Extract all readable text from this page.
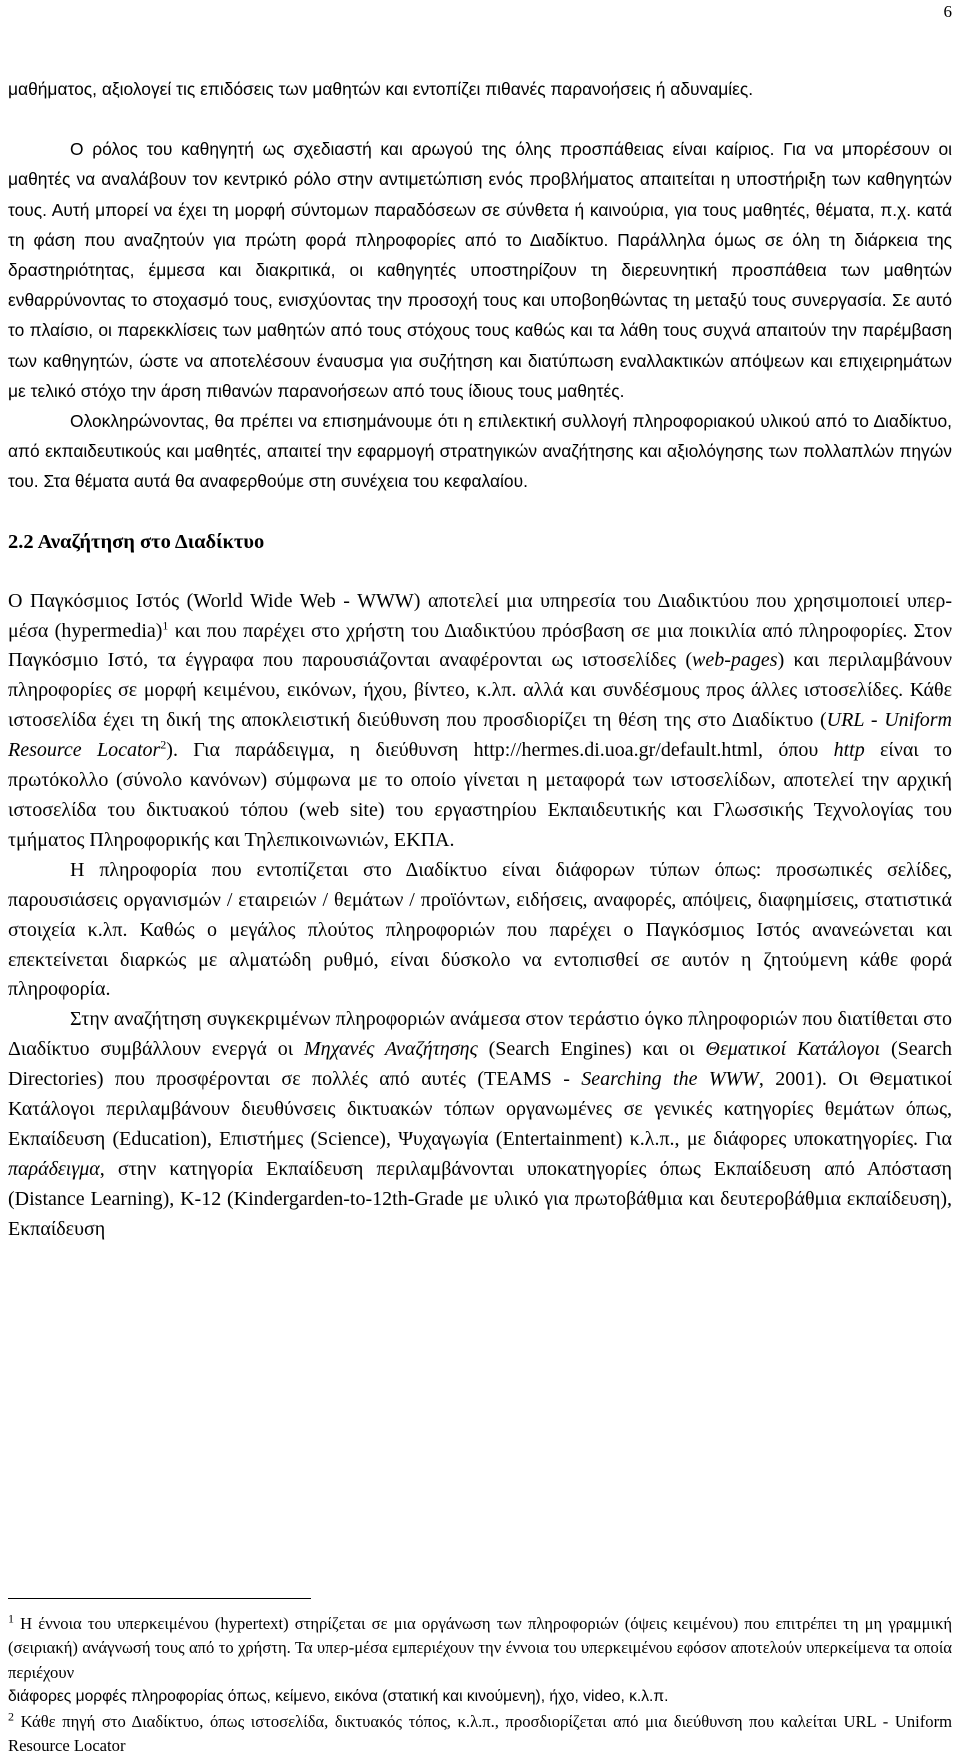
6

μαθήματος, αξιολογεί τις επιδόσεις των μαθητών και εντοπίζει πιθανές παρανοήσεις ή αδυναμίες.

Ο ρόλος του καθηγητή ως σχεδιαστή και αρωγού της όλης προσπάθειας είναι καίριος. Για να μπορέσουν οι μαθητές να αναλάβουν τον κεντρικό ρόλο στην αντιμετώπιση ενός προβλήματος απαιτείται η υποστήριξη των καθηγητών τους. Αυτή μπορεί να έχει τη μορφή σύντομων παραδόσεων σε σύνθετα ή καινούρια, για τους μαθητές, θέματα, π.χ. κατά τη φάση που αναζητούν για πρώτη φορά πληροφορίες από το Διαδίκτυο. Παράλληλα όμως σε όλη τη διάρκεια της δραστηριότητας, έμμεσα και διακριτικά, οι καθηγητές υποστηρίζουν τη διερευνητική προσπάθεια των μαθητών ενθαρρύνοντας το στοχασμό τους, ενισχύοντας την προσοχή τους και υποβοηθώντας τη μεταξύ τους συνεργασία. Σε αυτό το πλαίσιο, οι παρεκκλίσεις των μαθητών από τους στόχους τους καθώς και τα λάθη τους συχνά απαιτούν την παρέμβαση των καθηγητών, ώστε να αποτελέσουν έναυσμα για συζήτηση και διατύπωση εναλλακτικών απόψεων και επιχειρημάτων με τελικό στόχο την άρση πιθανών παρανοήσεων από τους ίδιους τους μαθητές.

Ολοκληρώνοντας, θα πρέπει να επισημάνουμε ότι η επιλεκτική συλλογή πληροφοριακού υλικού από το Διαδίκτυο, από εκπαιδευτικούς και μαθητές, απαιτεί την εφαρμογή στρατηγικών αναζήτησης και αξιολόγησης των πολλαπλών πηγών του. Στα θέματα αυτά θα αναφερθούμε στη συνέχεια του κεφαλαίου.

2.2 Αναζήτηση στο Διαδίκτυο

Ο Παγκόσμιος Ιστός (World Wide Web - WWW) αποτελεί μια υπηρεσία του Διαδικτύου που χρησιμοποιεί υπερ-μέσα (hypermedia)$^1$ και που παρέχει στο χρήστη του Διαδικτύου πρόσβαση σε μια ποικιλία από πληροφορίες. Στον Παγκόσμιο Ιστό, τα έγγραφα που παρουσιάζονται αναφέρονται ως ιστοσελίδες (web-pages) και περιλαμβάνουν πληροφορίες σε μορφή κειμένου, εικόνων, ήχου, βίντεο, κ.λπ. αλλά και συνδέσμους προς άλλες ιστοσελίδες. Κάθε ιστοσελίδα έχει τη δική της αποκλειστική διεύθυνση που προσδιορίζει τη θέση της στο Διαδίκτυο (URL - Uniform Resource Locator$^2$). Για παράδειγμα, η διεύθυνση http://hermes.di.uoa.gr/default.html, όπου http είναι το πρωτόκολλο (σύνολο κανόνων) σύμφωνα με το οποίο γίνεται η μεταφορά των ιστοσελίδων, αποτελεί την αρχική ιστοσελίδα του δικτυακού τόπου (web site) του εργαστηρίου Εκπαιδευτικής και Γλωσσικής Τεχνολογίας του τμήματος Πληροφορικής και Τηλεπικοινωνιών, ΕΚΠΑ.

Η πληροφορία που εντοπίζεται στο Διαδίκτυο είναι διάφορων τύπων όπως: προσωπικές σελίδες, παρουσιάσεις οργανισμών / εταιρειών / θεμάτων / προϊόντων, ειδήσεις, αναφορές, απόψεις, διαφημίσεις, στατιστικά στοιχεία κ.λπ. Καθώς ο μεγάλος πλούτος πληροφοριών που παρέχει ο Παγκόσμιος Ιστός ανανεώνεται και επεκτείνεται διαρκώς με αλματώδη ρυθμό, είναι δύσκολο να εντοπισθεί σε αυτόν η ζητούμενη κάθε φορά πληροφορία.

Στην αναζήτηση συγκεκριμένων πληροφοριών ανάμεσα στον τεράστιο όγκο πληροφοριών που διατίθεται στο Διαδίκτυο συμβάλλουν ενεργά οι Μηχανές Αναζήτησης (Search Engines) και οι Θεματικοί Κατάλογοι (Search Directories) που προσφέρονται σε πολλές από αυτές (TEAMS - Searching the WWW, 2001). Οι Θεματικοί Κατάλογοι περιλαμβάνουν διευθύνσεις δικτυακών τόπων οργανωμένες σε γενικές κατηγορίες θεμάτων όπως, Εκπαίδευση (Education), Επιστήμες (Science), Ψυχαγωγία (Entertainment) κ.λ.π., με διάφορες υποκατηγορίες. Για παράδειγμα, στην κατηγορία Εκπαίδευση περιλαμβάνονται υποκατηγορίες όπως Εκπαίδευση από Απόσταση (Distance Learning), K-12 (Kindergarden-to-12th-Grade με υλικό για πρωτοβάθμια και δευτεροβάθμια εκπαίδευση), Εκπαίδευση

$^1$ Η έννοια του υπερκειμένου (hypertext) στηρίζεται σε μια οργάνωση των πληροφοριών (όψεις κειμένου) που επιτρέπει τη μη γραμμική (σειριακή) ανάγνωσή τους από το χρήστη. Τα υπερ-μέσα εμπεριέχουν την έννοια του υπερκειμένου εφόσον αποτελούν υπερκείμενα τα οποία περιέχουν

διάφορες μορφές πληροφορίας όπως, κείμενο, εικόνα (στατική και κινούμενη), ήχο, video, κ.λ.π.

$^2$ Κάθε πηγή στο Διαδίκτυο, όπως ιστοσελίδα, δικτυακός τόπος, κ.λ.π., προσδιορίζεται από μια διεύθυνση που καλείται URL - Uniform Resource Locator
